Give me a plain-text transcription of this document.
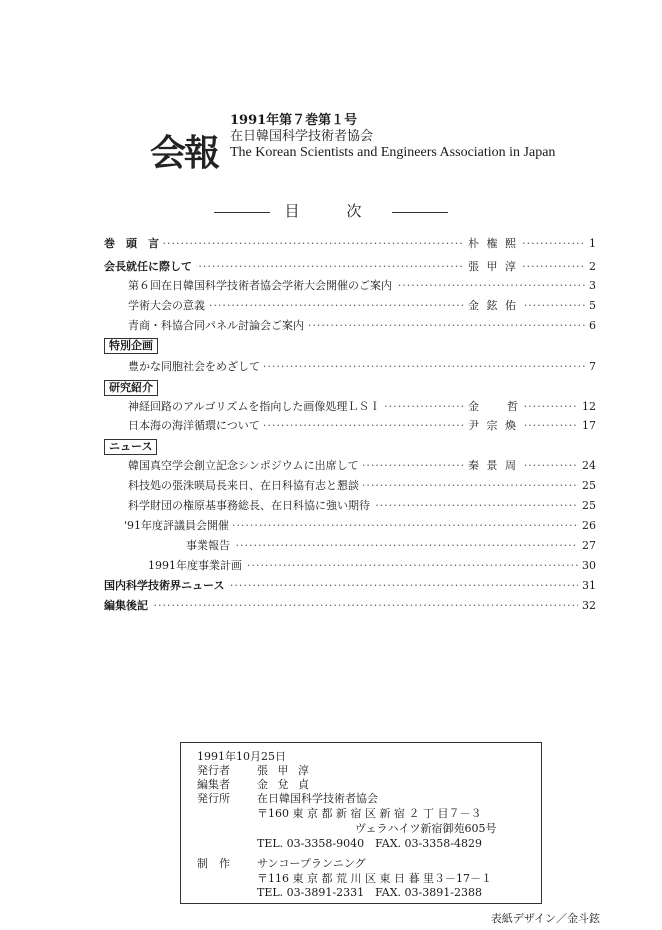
会報
1991年第７巻第１号
在日韓国科学技術者協会
The Korean Scientists and Engineers Association in Japan
目　次
·····
巻　頭　言	朴 権 熙	1
·····
会長就任に際して	張 甲 淳	2
·····
第６回在日韓国科学技術者協会学術大会開催のご案内	3
·····
学術大会の意義	金 鉉 佑	5
·····
青商・科協合同パネル討論会ご案内	6
特別企画
·····
豊かな同胞社会をめざして	7
研究紹介
·····
神経回路のアルゴリズムを指向した画像処理ＬＳＩ	金　　哲	12
·····
日本海の海洋循環について	尹 宗 煥	17
ニュース
·····
韓国真空学会創立記念シンポジウムに出席して	秦 景 周	24
·····
科技処の張洙暎局長来日、在日科協有志と懇談	25
·····
科学財団の権原基事務総長、在日科協に強い期待	25
·····
'91年度評議員会開催	26
·····
事業報告	27
·····
1991年度事業計画	30
·····
国内科学技術界ニュース	31
·····
編集後記	32
1991年10月25日
発行者 張 甲 淳
編集者 金 兌 貞
発行所 在日韓国科学技術者協会
〒160 東 京 都 新 宿 区 新 宿 ２ 丁 目７－３
ヴェラハイツ新宿御苑605号
TEL. 03-3358-9040　FAX. 03-3358-4829
制　作 サンコープランニング
〒116 東 京 都 荒 川 区 東 日 暮 里３－17－１
TEL. 03-3891-2331　FAX. 03-3891-2388
表紙デザイン／金斗鉉
